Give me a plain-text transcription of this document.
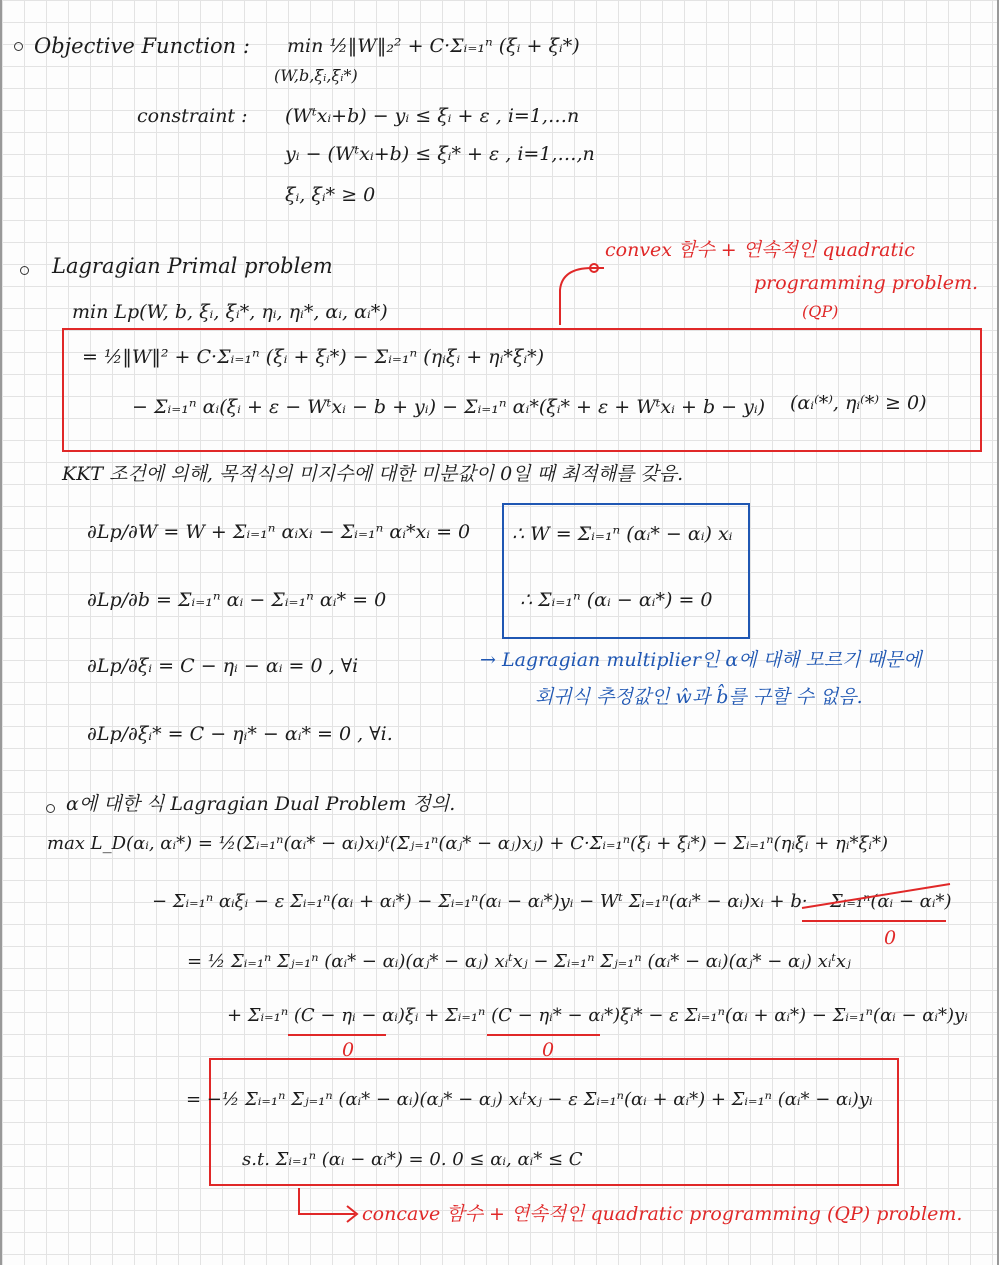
Objective Function : min ½‖W‖₂² + C·Σᵢ₌₁ⁿ (ξᵢ + ξᵢ*)
(W,b,ξᵢ,ξᵢ*)
constraint : (Wᵗxᵢ+b) − yᵢ ≤ ξᵢ + ε , i=1,…n
yᵢ − (Wᵗxᵢ+b) ≤ ξᵢ* + ε , i=1,…,n
ξᵢ, ξᵢ* ≥ 0
Lagragian Primal problem
convex 함수 + 연속적인 quadratic
programming problem.
(QP)
min Lp(W, b, ξᵢ, ξᵢ*, ηᵢ, ηᵢ*, αᵢ, αᵢ*)
= ½‖W‖² + C·Σᵢ₌₁ⁿ (ξᵢ + ξᵢ*) − Σᵢ₌₁ⁿ (ηᵢξᵢ + ηᵢ*ξᵢ*)
− Σᵢ₌₁ⁿ αᵢ(ξᵢ + ε − Wᵗxᵢ − b + yᵢ) − Σᵢ₌₁ⁿ αᵢ*(ξᵢ* + ε + Wᵗxᵢ + b − yᵢ) (αᵢ⁽*⁾, ηᵢ⁽*⁾ ≥ 0)
KKT 조건에 의해, 목적식의 미지수에 대한 미분값이 0일 때 최적해를 갖음.
∂Lp/∂W = W + Σᵢ₌₁ⁿ αᵢxᵢ − Σᵢ₌₁ⁿ αᵢ*xᵢ = 0
∂Lp/∂b = Σᵢ₌₁ⁿ αᵢ − Σᵢ₌₁ⁿ αᵢ* = 0
∂Lp/∂ξᵢ = C − ηᵢ − αᵢ = 0 , ∀i
∂Lp/∂ξᵢ* = C − ηᵢ* − αᵢ* = 0 , ∀i.
∴ W = Σᵢ₌₁ⁿ (αᵢ* − αᵢ) xᵢ
∴ Σᵢ₌₁ⁿ (αᵢ − αᵢ*) = 0
→ Lagragian multiplier인 α에 대해 모르기 때문에
회귀식 추정값인 ŵ과 b̂를 구할 수 없음.
α에 대한 식 Lagragian Dual Problem 정의.
max L_D(αᵢ, αᵢ*) = ½(Σᵢ₌₁ⁿ(αᵢ* − αᵢ)xᵢ)ᵗ(Σⱼ₌₁ⁿ(αⱼ* − αⱼ)xⱼ) + C·Σᵢ₌₁ⁿ(ξᵢ + ξᵢ*) − Σᵢ₌₁ⁿ(ηᵢξᵢ + ηᵢ*ξᵢ*)
− Σᵢ₌₁ⁿ αᵢξᵢ − ε Σᵢ₌₁ⁿ(αᵢ + αᵢ*) − Σᵢ₌₁ⁿ(αᵢ − αᵢ*)yᵢ − Wᵗ Σᵢ₌₁ⁿ(αᵢ* − αᵢ)xᵢ + b· Σᵢ₌₁ⁿ(αᵢ − αᵢ*)
0
= ½ Σᵢ₌₁ⁿ Σⱼ₌₁ⁿ (αᵢ* − αᵢ)(αⱼ* − αⱼ) xᵢᵗxⱼ − Σᵢ₌₁ⁿ Σⱼ₌₁ⁿ (αᵢ* − αᵢ)(αⱼ* − αⱼ) xᵢᵗxⱼ
+ Σᵢ₌₁ⁿ (C − ηᵢ − αᵢ)ξᵢ + Σᵢ₌₁ⁿ (C − ηᵢ* − αᵢ*)ξᵢ* − ε Σᵢ₌₁ⁿ(αᵢ + αᵢ*) − Σᵢ₌₁ⁿ(αᵢ − αᵢ*)yᵢ
0	0
= −½ Σᵢ₌₁ⁿ Σⱼ₌₁ⁿ (αᵢ* − αᵢ)(αⱼ* − αⱼ) xᵢᵗxⱼ − ε Σᵢ₌₁ⁿ(αᵢ + αᵢ*) + Σᵢ₌₁ⁿ (αᵢ* − αᵢ)yᵢ
s.t. Σᵢ₌₁ⁿ (αᵢ − αᵢ*) = 0. 0 ≤ αᵢ, αᵢ* ≤ C
concave 함수 + 연속적인 quadratic programming (QP) problem.
